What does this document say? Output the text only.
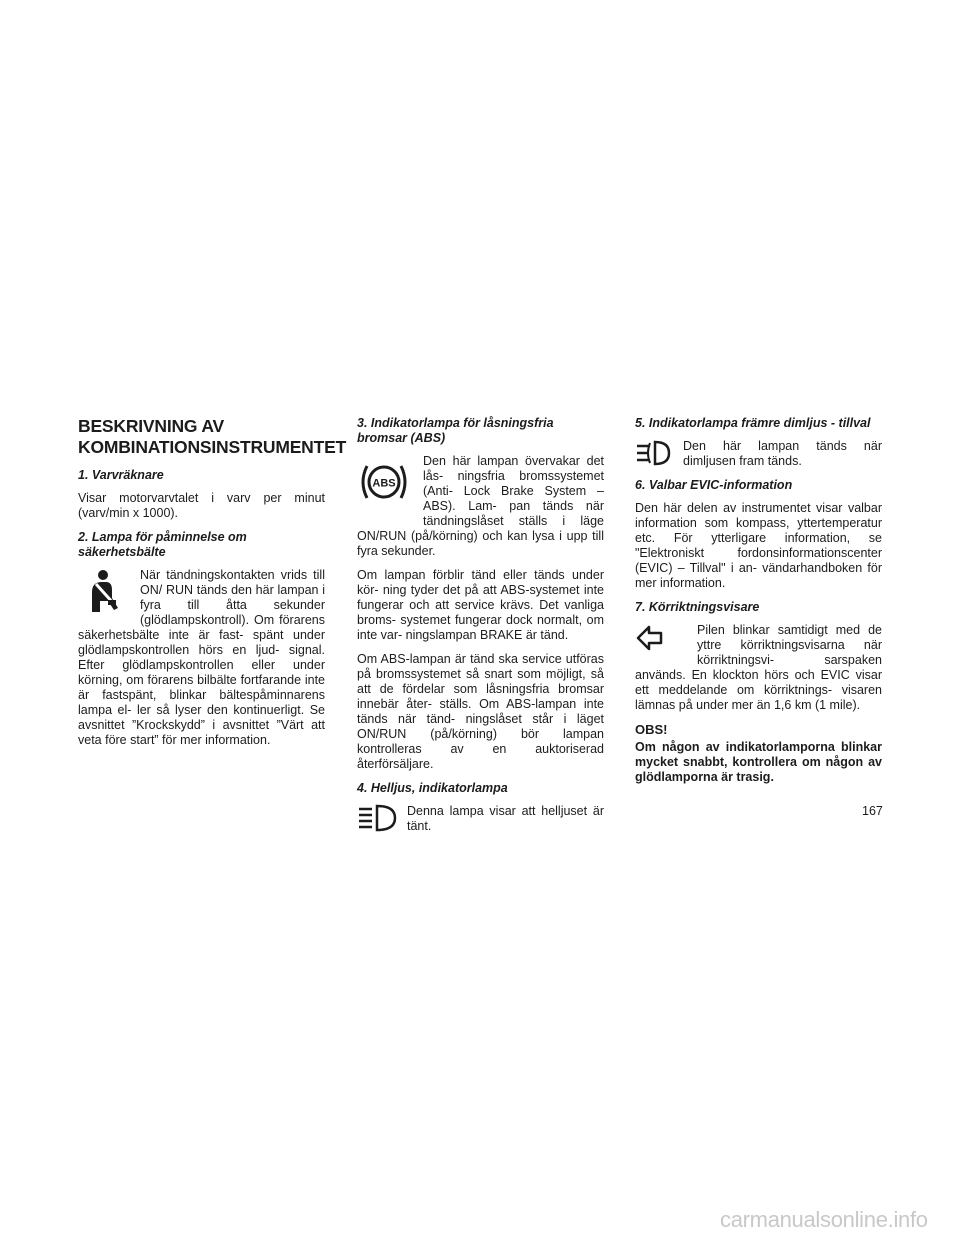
BESKRIVNING AV KOMBINATIONSINSTRUMENTET
1. Varvräknare

Visar motorvarvtalet i varv per minut (varv/min x 1000).

2. Lampa för påminnelse om säkerhetsbälte

När tändningskontakten vrids till ON/ RUN tänds den här lampan i fyra till åtta sekunder (glödlampskontroll). Om förarens säkerhetsbälte inte är fast- spänt under glödlampskontrollen hörs en ljud- signal. Efter glödlampskontrollen eller under körning, om förarens bilbälte fortfarande inte är fastspänt, blinkar bältespåminnarens lampa el- ler så lyser den kontinuerligt. Se avsnittet ”Krockskydd” i avsnittet ”Värt att veta före start” för mer information.

3. Indikatorlampa för låsningsfria bromsar (ABS)
ABS

Den här lampan övervakar det lås- ningsfria bromssystemet (Anti- Lock Brake System – ABS). Lam- pan tänds när tändningslåset ställs i läge ON/RUN (på/körning) och kan lysa i upp till fyra sekunder.

Om lampan förblir tänd eller tänds under kör- ning tyder det på att ABS-systemet inte fungerar och att service krävs. Det vanliga broms- systemet fungerar dock normalt, om inte var- ningslampan BRAKE är tänd.

Om ABS-lampan är tänd ska service utföras på bromssystemet så snart som möjligt, så att de fördelar som låsningsfria bromsar innebär åter- ställs. Om ABS-lampan inte tänds när tänd- ningslåset står i läget ON/RUN (på/körning) bör lampan kontrolleras av en auktoriserad återförsäljare.

4. Helljus, indikatorlampa

Denna lampa visar att helljuset är tänt.

5. Indikatorlampa främre dimljus - tillval

Den här lampan tänds när dimljusen fram tänds.

6. Valbar EVIC-information

Den här delen av instrumentet visar valbar information som kompass, yttertemperatur etc. För ytterligare information, se "Elektroniskt fordonsinformationscenter (EVIC) – Tillval" i an- vändarhandboken för mer information.

7. Körriktningsvisare

Pilen blinkar samtidigt med de yttre körriktningsvisarna när körriktningsvi- sarspaken används. En klockton hörs och EVIC visar ett meddelande om körriktnings- visaren lämnas på under mer än 1,6 km (1 mile).

OBS!

Om någon av indikatorlamporna blinkar mycket snabbt, kontrollera om någon av glödlamporna är trasig.

167
carmanualsonline.info
